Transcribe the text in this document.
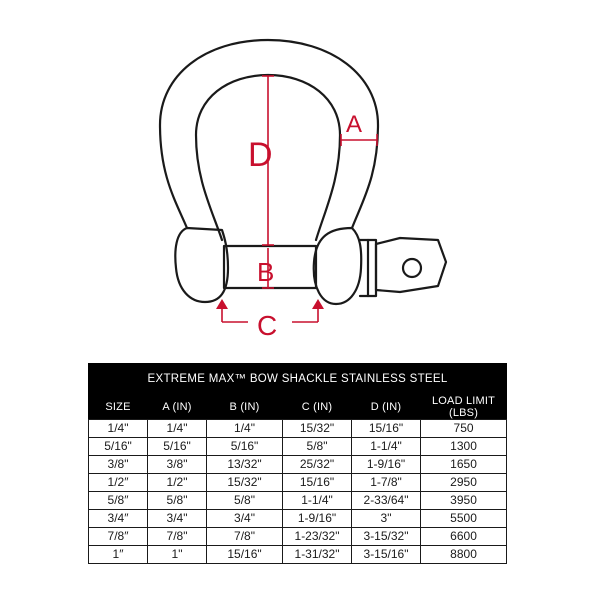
D
A
B
C
EXTREME MAX™ BOW SHACKLE STAINLESS STEEL					
SIZE	A (IN)	B (IN)	C (IN)	D (IN)	LOAD LIMIT (LBS)
1/4"	1/4"	1/4"	15/32"	15/16"	750
5/16"	5/16"	5/16"	5/8"	1-1/4"	1300
3/8"	3/8"	13/32"	25/32"	1-9/16"	1650
1/2″	1/2"	15/32"	15/16"	1-7/8"	2950
5/8″	5/8"	5/8"	1-1/4"	2-33/64"	3950
3/4″	3/4"	3/4"	1-9/16"	3"	5500
7/8″	7/8"	7/8"	1-23/32"	3-15/32"	6600
1″	1"	15/16"	1-31/32"	3-15/16"	8800
